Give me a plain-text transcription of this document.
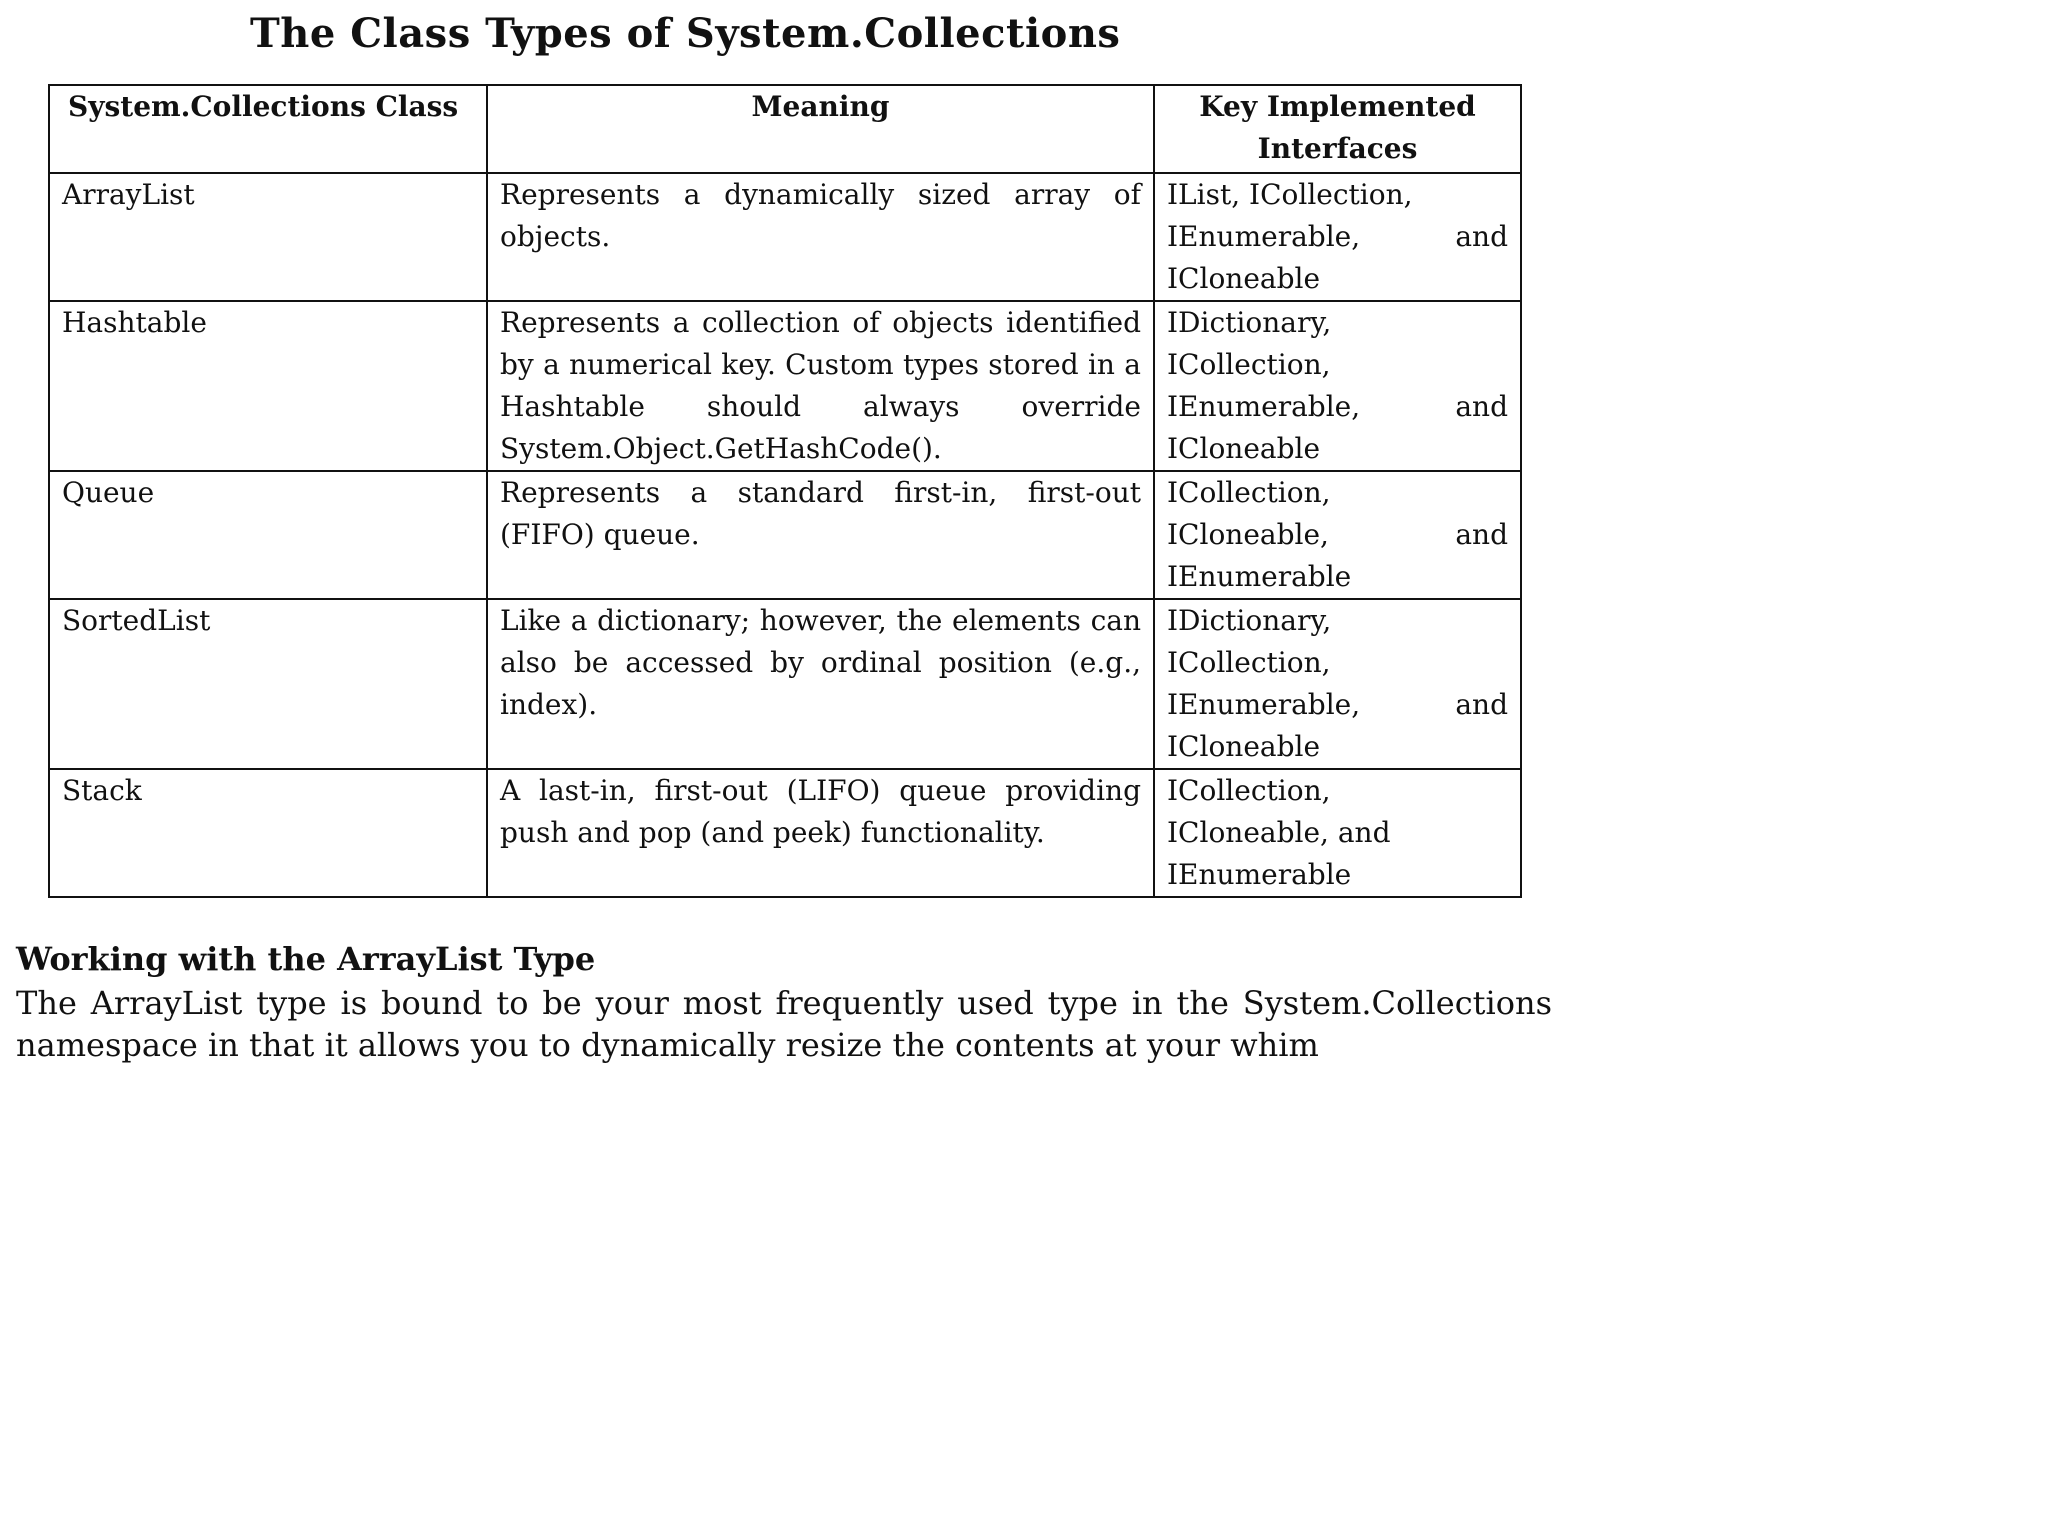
The Class Types of System.Collections
System.Collections Class	Meaning	Key Implemented
Interfaces

ArrayList	Represents a dynamically sized array of objects.	IList, ICollection,
IEnumerable, and
ICloneable

Hashtable	Represents a collection of objects identified by a numerical key. Custom types stored in a Hashtable should always override System.Object.GetHashCode().	IDictionary,
ICollection,
IEnumerable, and
ICloneable

Queue	Represents a standard first-in, first-out (FIFO) queue.	ICollection,
ICloneable, and
IEnumerable

SortedList	Like a dictionary; however, the elements can also be accessed by ordinal position (e.g., index).	IDictionary,
ICollection,
IEnumerable, and
ICloneable

Stack	A last-in, first-out (LIFO) queue providing push and pop (and peek) functionality.	ICollection,
ICloneable, and
IEnumerable
Working with the ArrayList Type
The ArrayList type is bound to be your most frequently used type in the System.Collections namespace in that it allows you to dynamically resize the contents at your whim
